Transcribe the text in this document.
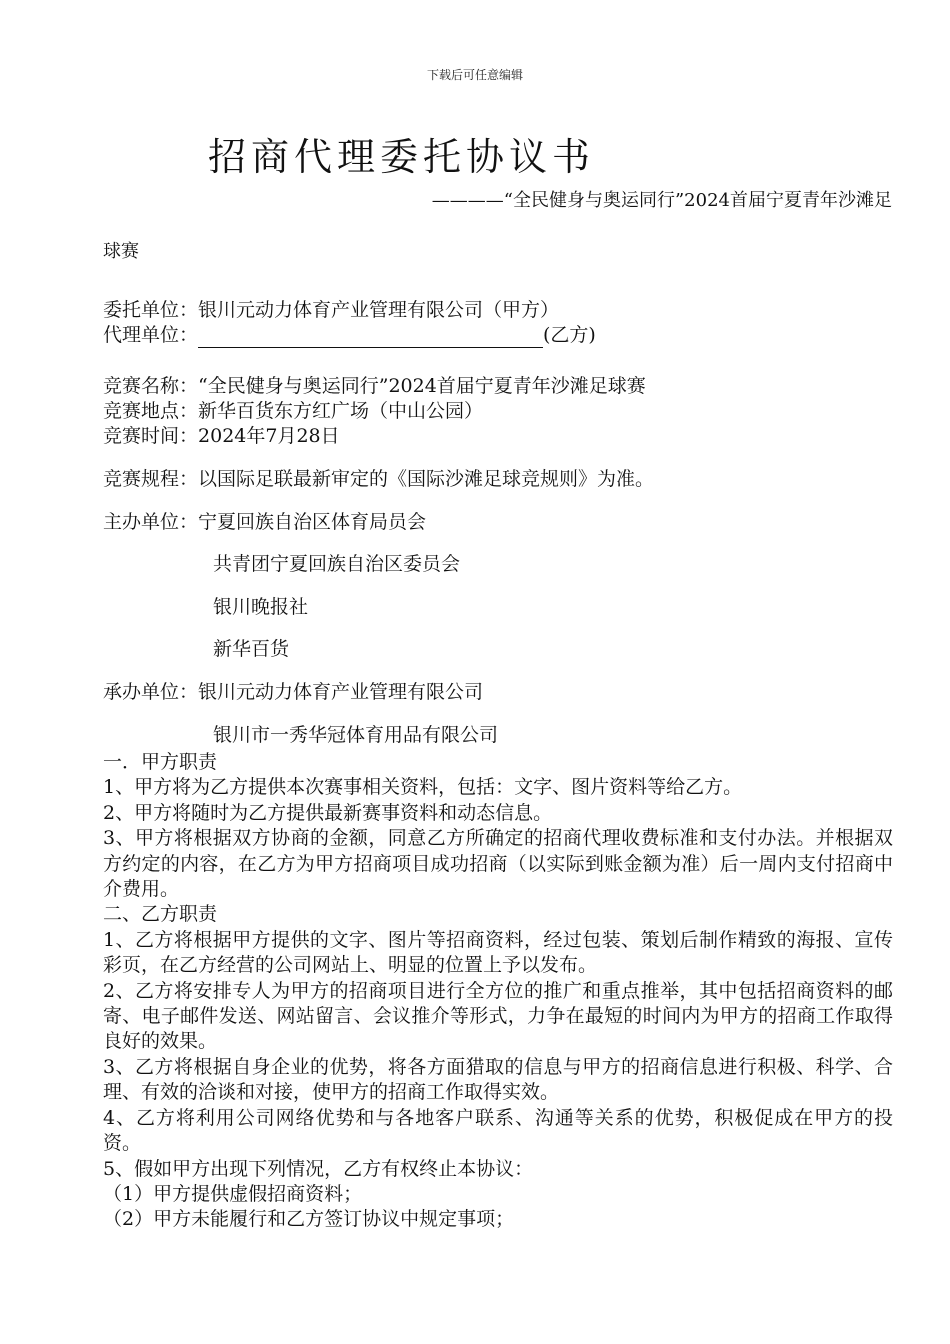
下载后可任意编辑
招商代理委托协议书
————“全民健身与奥运同行”2024首届宁夏青年沙滩足
球赛
委托单位：银川元动力体育产业管理有限公司（甲方）
代理单位：	(乙方)
竞赛名称：“全民健身与奥运同行”2024首届宁夏青年沙滩足球赛
竞赛地点：新华百货东方红广场（中山公园）
竞赛时间：2024年7月28日
竞赛规程：以国际足联最新审定的《国际沙滩足球竞规则》为准。
主办单位：宁夏回族自治区体育局员会
共青团宁夏回族自治区委员会
银川晚报社
新华百货
承办单位：银川元动力体育产业管理有限公司
银川市一秀华冠体育用品有限公司

一．甲方职责

1、甲方将为乙方提供本次赛事相关资料，包括：文字、图片资料等给乙方。

2、甲方将随时为乙方提供最新赛事资料和动态信息。

3、甲方将根据双方协商的金额，同意乙方所确定的招商代理收费标准和支付办法。并根据双方约定的内容，在乙方为甲方招商项目成功招商（以实际到账金额为准）后一周内支付招商中介费用。

二、乙方职责

1、乙方将根据甲方提供的文字、图片等招商资料，经过包装、策划后制作精致的海报、宣传彩页，在乙方经营的公司网站上、明显的位置上予以发布。

2、乙方将安排专人为甲方的招商项目进行全方位的推广和重点推举，其中包括招商资料的邮寄、电子邮件发送、网站留言、会议推介等形式，力争在最短的时间内为甲方的招商工作取得良好的效果。

3、乙方将根据自身企业的优势，将各方面猎取的信息与甲方的招商信息进行积极、科学、合理、有效的洽谈和对接，使甲方的招商工作取得实效。

4、乙方将利用公司网络优势和与各地客户联系、沟通等关系的优势，积极促成在甲方的投资。

5、假如甲方出现下列情况，乙方有权终止本协议：

（1）甲方提供虚假招商资料；

（2）甲方未能履行和乙方签订协议中规定事项；
